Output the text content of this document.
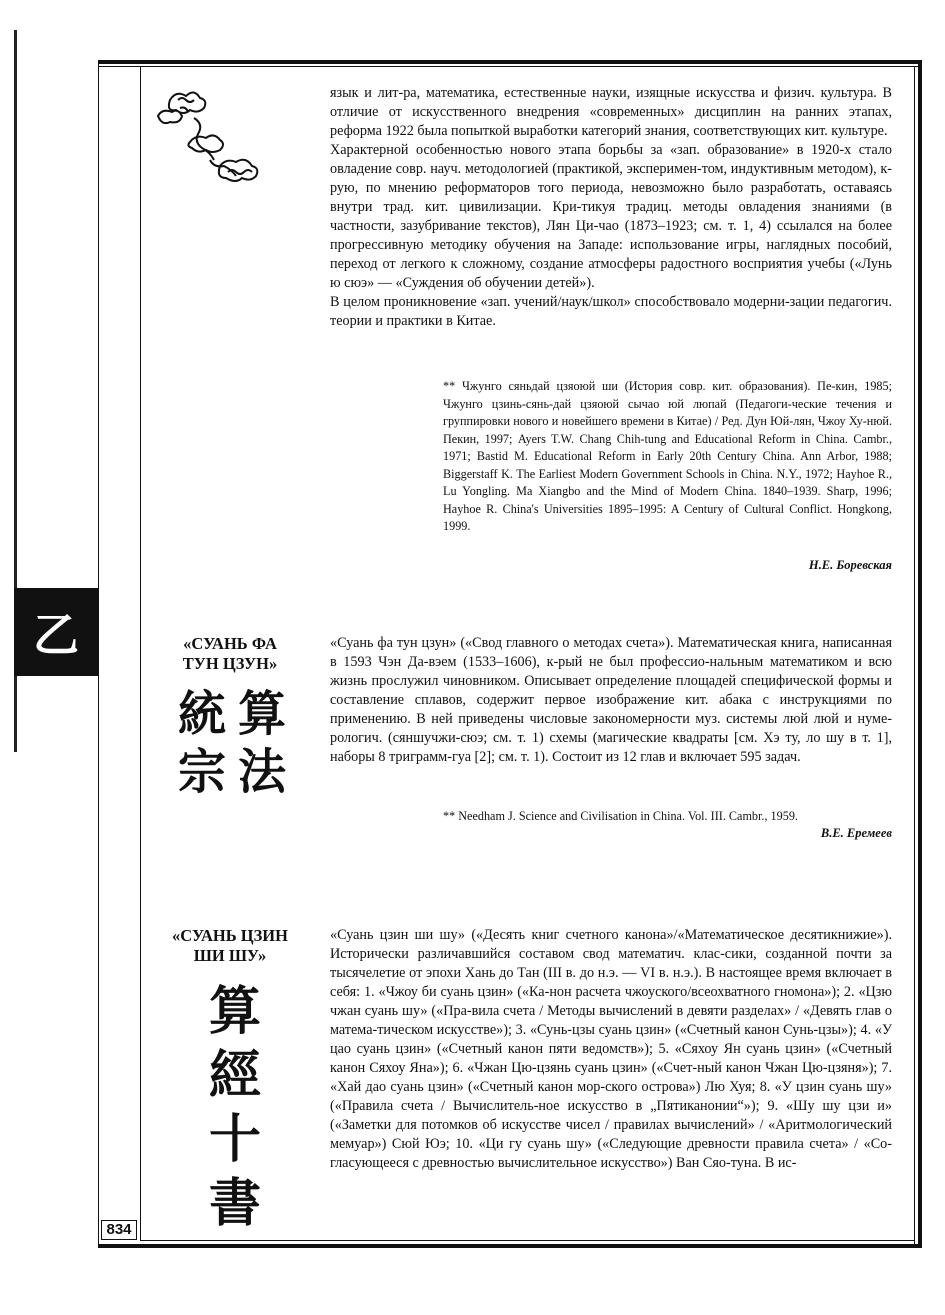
乙

язык и лит-ра, математика, естественные науки, изящные искусства и физич. культура. В отличие от искусственного внедрения «современных» дисциплин на ранних этапах, реформа 1922 была попыткой выработки категорий знания, соответствующих кит. культуре.

Характерной особенностью нового этапа борьбы за «зап. образование» в 1920-х стало овладение совр. науч. методологией (практикой, эксперимен-том, индуктивным методом), к-рую, по мнению реформаторов того периода, невозможно было разработать, оставаясь внутри трад. кит. цивилизации. Кри-тикуя традиц. методы овладения знаниями (в частности, зазубривание текстов), Лян Ци-чао (1873–1923; см. т. 1, 4) ссылался на более прогрессивную методику обучения на Западе: использование игры, наглядных пособий, переход от легкого к сложному, создание атмосферы радостного восприятия учебы («Лунь ю сюэ» — «Суждения об обучении детей»).

В целом проникновение «зап. учений/наук/школ» способствовало модерни-зации педагогич. теории и практики в Китае.

** Чжунго сяньдай цзяоюй ши (История совр. кит. образования). Пе-кин, 1985; Чжунго цзинь-сянь-дай цзяоюй сычао юй люпай (Педагоги-ческие течения и группировки нового и новейшего времени в Китае) / Ред. Дун Юй-лян, Чжоу Ху-нюй. Пекин, 1997; Ayers T.W. Chang Chih-tung and Educational Reform in China. Cambr., 1971; Bastid M. Educational Reform in Early 20th Century China. Ann Arbor, 1988; Biggerstaff K. The Earliest Modern Government Schools in China. N.Y., 1972; Hayhoe R., Lu Yongling. Ma Xiangbo and the Mind of Modern China. 1840–1939. Sharp, 1996; Hayhoe R. China's Universities 1895–1995: A Century of Cultural Conflict. Hongkong, 1999.
Н.Е. Боревская
«СУАНЬ ФА
ТУН ЦЗУН»
統 算
宗 法
«Суань фа тун цзун» («Свод главного о методах счета»). Математическая книга, написанная в 1593 Чэн Да-вэем (1533–1606), к-рый не был профессио-нальным математиком и всю жизнь прослужил чиновником. Описывает определение площадей специфической формы и составление сплавов, содержит первое изображение кит. абака с инструкциями по применению. В ней приведены числовые закономерности муз. системы люй люй и нуме-рологич. (сяншучжи-сюэ; см. т. 1) схемы (магические квадраты [см. Хэ ту, ло шу в т. 1], наборы 8 триграмм-гуа [2]; см. т. 1). Состоит из 12 глав и включает 595 задач.
** Needham J. Science and Civilisation in China. Vol. III. Cambr., 1959.
В.Е. Еремеев
«СУАНЬ ЦЗИН
ШИ ШУ»
算
經
十
書
«Суань цзин ши шу» («Десять книг счетного канона»/«Математическое десятикнижие»). Исторически различавшийся составом свод математич. клас-сики, созданной почти за тысячелетие от эпохи Хань до Тан (III в. до н.э. — VI в. н.э.). В настоящее время включает в себя: 1. «Чжоу би суань цзин» («Ка-нон расчета чжоуского/всеохватного гномона»); 2. «Цзю чжан суань шу» («Пра-вила счета / Методы вычислений в девяти разделах» / «Девять глав о матема-тическом искусстве»); 3. «Сунь-цзы суань цзин» («Счетный канон Сунь-цзы»); 4. «У цао суань цзин» («Счетный канон пяти ведомств»); 5. «Сяхоу Ян суань цзин» («Счетный канон Сяхоу Яна»); 6. «Чжан Цю-цзянь суань цзин» («Счет-ный канон Чжан Цю-цзяня»); 7. «Хай дао суань цзин» («Счетный канон мор-ского острова») Лю Хуя; 8. «У цзин суань шу» («Правила счета / Вычислитель-ное искусство в „Пятиканонии“»); 9. «Шу шу цзи и» («Заметки для потомков об искусстве чисел / правилах вычислений» / «Аритмологический мемуар») Сюй Юэ; 10. «Ци гу суань шу» («Следующие древности правила счета» / «Со-гласующееся с древностью вычислительное искусство») Ван Сяо-туна. В ис-
834
